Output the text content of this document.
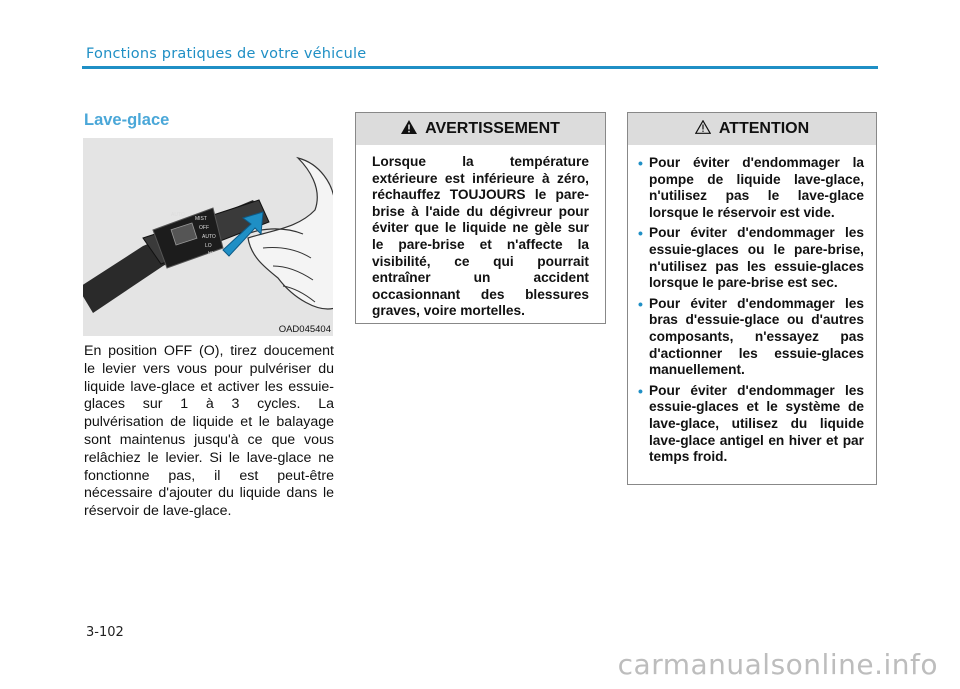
Fonctions pratiques de votre véhicule
Lave-glace
MIST
OFF
AUTO
LO
HI
AUTO
OAD045404
En position OFF (O), tirez doucement le levier vers vous pour pulvériser du liquide lave-glace et activer les essuie-glaces sur 1 à 3 cycles. La pulvérisation de liquide et le balayage sont maintenus jusqu'à ce que vous relâchiez le levier. Si le lave-glace ne fonctionne pas, il est peut-être nécessaire d'ajouter du liquide dans le réservoir de lave-glace.
AVERTISSEMENT
Lorsque la température extérieure est inférieure à zéro, réchauffez TOUJOURS le pare-brise à l'aide du dégivreur pour éviter que le liquide ne gèle sur le pare-brise et n'affecte la visibilité, ce qui pourrait entraîner un accident occasionnant des blessures graves, voire mortelles.
ATTENTION
• Pour éviter d'endommager la pompe de liquide lave-glace, n'utilisez pas le lave-glace lorsque le réservoir est vide.
• Pour éviter d'endommager les essuie-glaces ou le pare-brise, n'utilisez pas les essuie-glaces lorsque le pare-brise est sec.
• Pour éviter d'endommager les bras d'essuie-glace ou d'autres composants, n'essayez pas d'actionner les essuie-glaces manuellement.
• Pour éviter d'endommager les essuie-glaces et le système de lave-glace, utilisez du liquide lave-glace antigel en hiver et par temps froid.
3-102
carmanualsonline.info
